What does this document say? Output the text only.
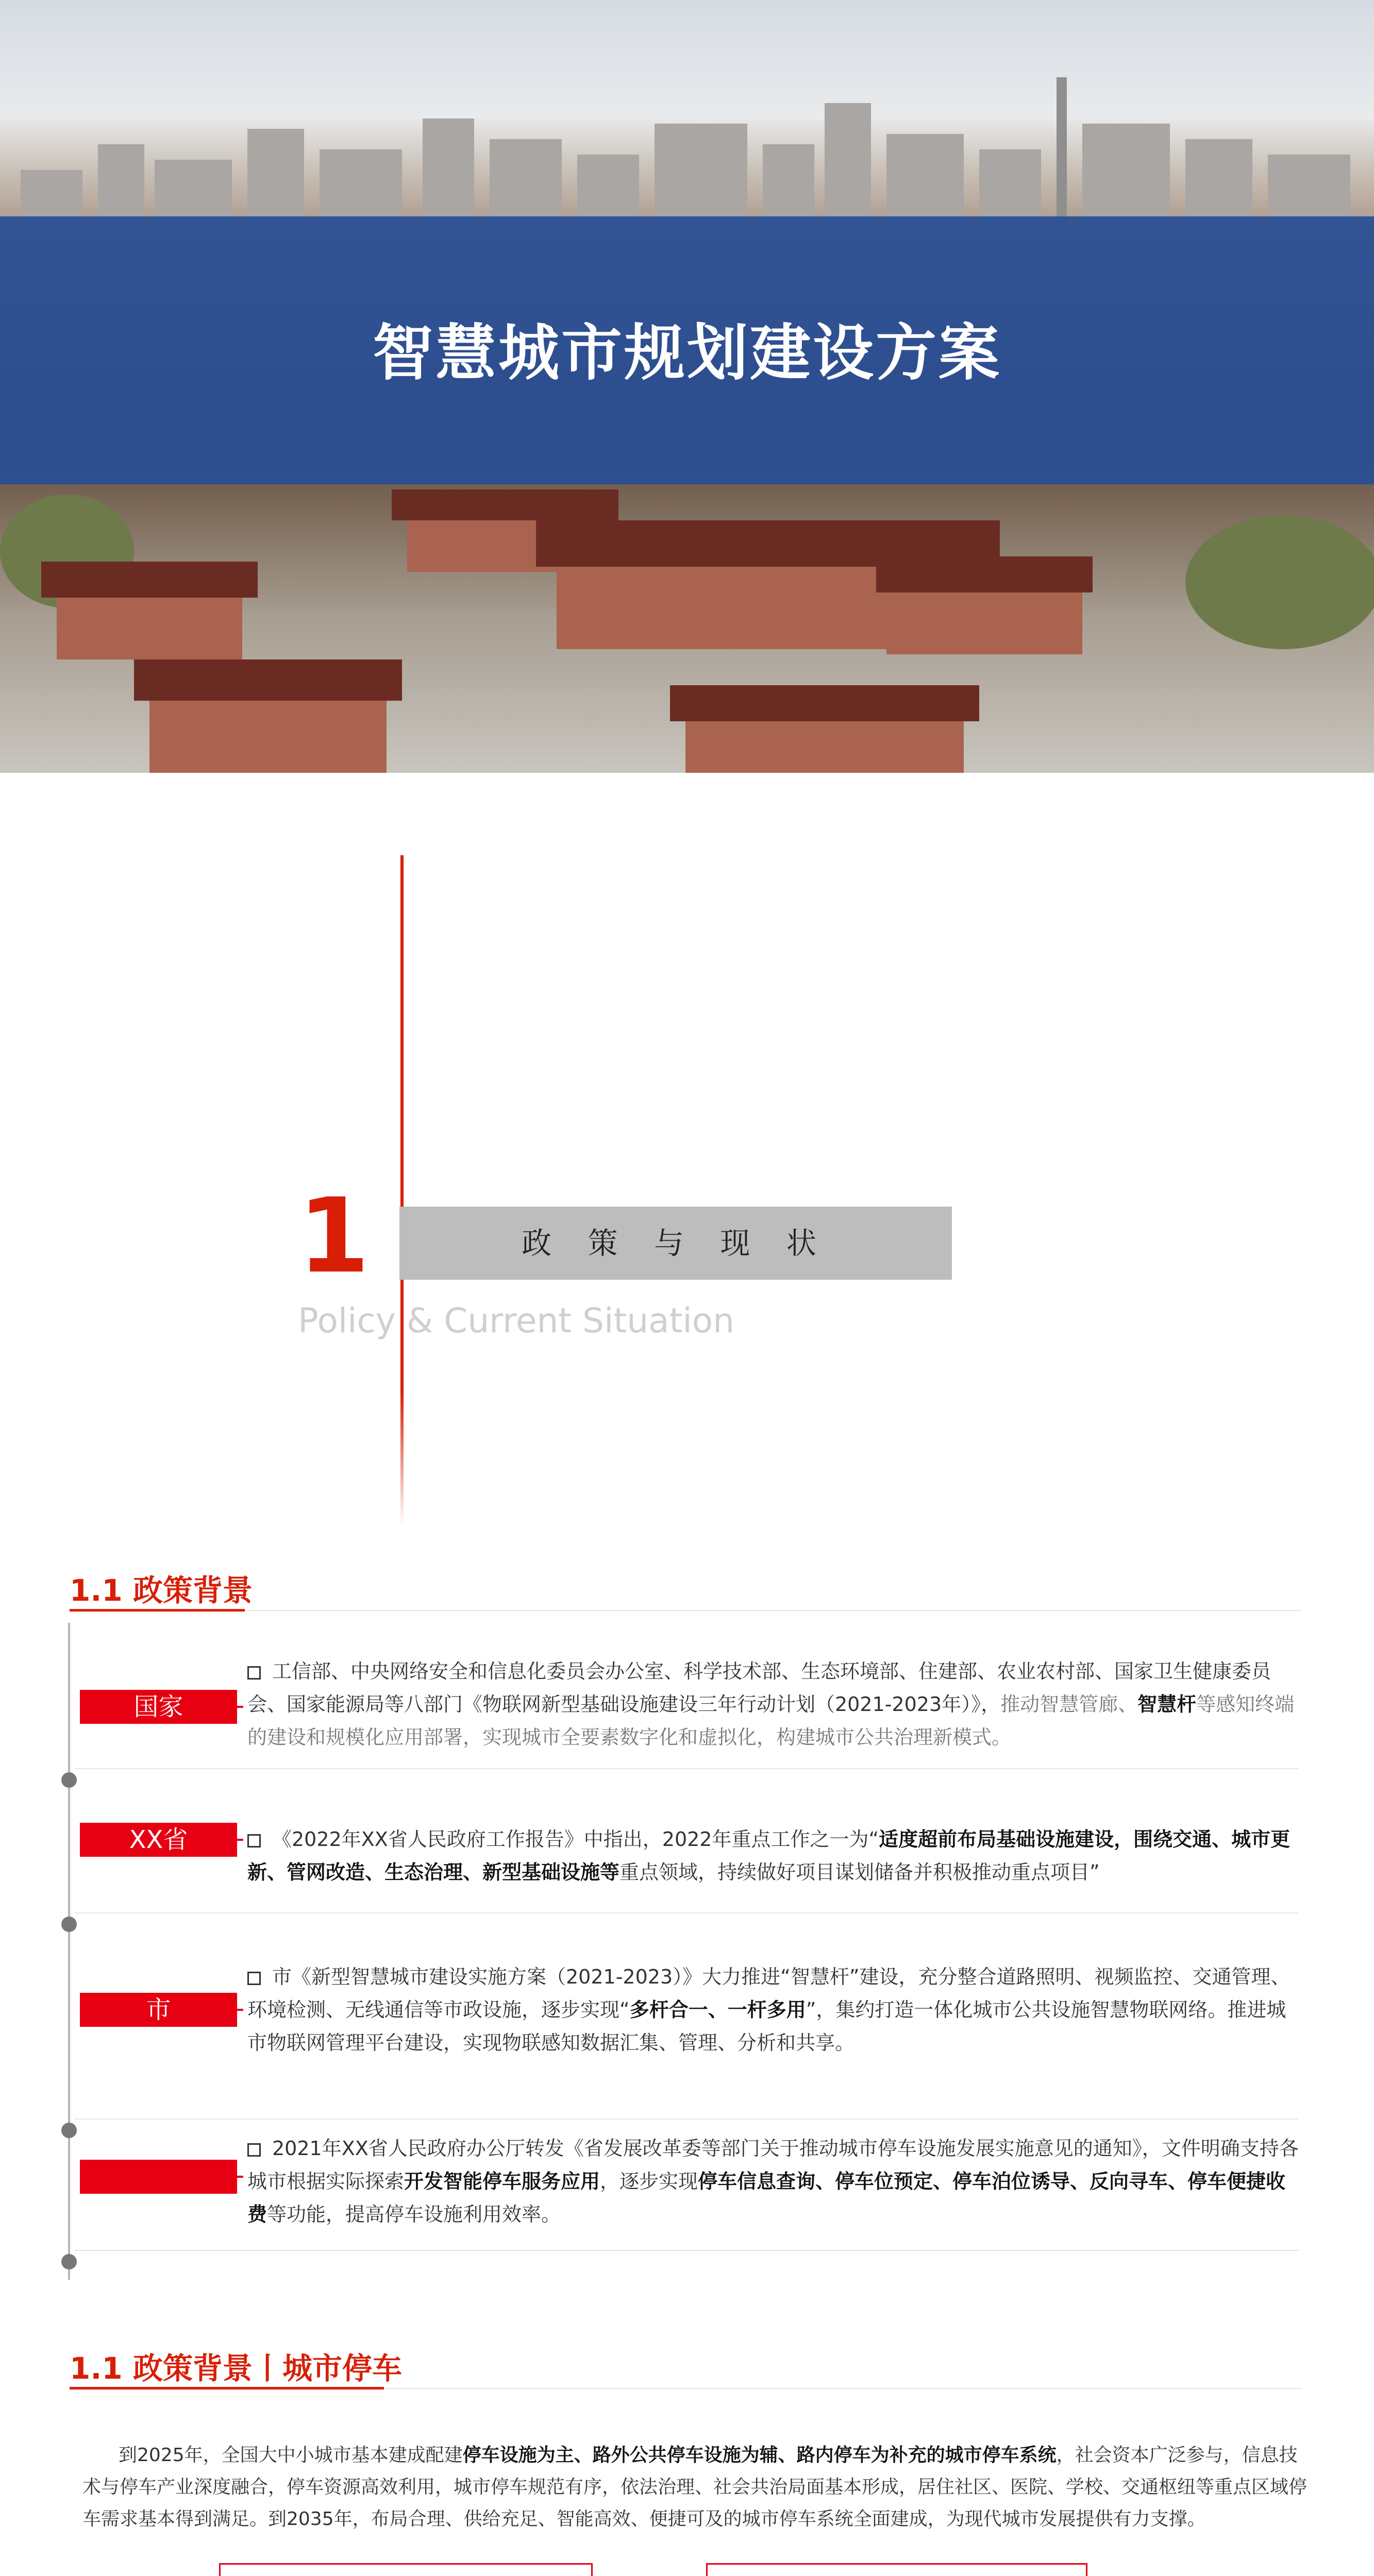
智慧城市规划建设方案
1	政 策 与 现 状
Policy & Current Situation
1.1 政策背景
国家
工信部、中央网络安全和信息化委员会办公室、科学技术部、生态环境部、住建部、农业农村部、国家卫生健康委员会、国家能源局等八部门《物联网新型基础设施建设三年行动计划（2021-2023年）》，推动智慧管廊、智慧杆等感知终端的建设和规模化应用部署，实现城市全要素数字化和虚拟化，构建城市公共治理新模式。
XX省	《2022年XX省人民政府工作报告》中指出，2022年重点工作之一为“适度超前布局基础设施建设，围绕交通、城市更新、管网改造、生态治理、新型基础设施等重点领域，持续做好项目谋划储备并积极推动重点项目”
市
市《新型智慧城市建设实施方案（2021-2023）》大力推进“智慧杆”建设，充分整合道路照明、视频监控、交通管理、环境检测、无线通信等市政设施，逐步实现“多杆合一、一杆多用”，集约打造一体化城市公共设施智慧物联网络。推进城市物联网管理平台建设，实现物联感知数据汇集、管理、分析和共享。
2021年XX省人民政府办公厅转发《省发展改革委等部门关于推动城市停车设施发展实施意见的通知》，文件明确支持各城市根据实际探索开发智能停车服务应用，逐步实现停车信息查询、停车位预定、停车泊位诱导、反向寻车、停车便捷收费等功能，提高停车设施利用效率。
1.1 政策背景丨城市停车
到2025年，全国大中小城市基本建成配建停车设施为主、路外公共停车设施为辅、路内停车为补充的城市停车系统，社会资本广泛参与，信息技术与停车产业深度融合，停车资源高效利用，城市停车规范有序，依法治理、社会共治局面基本形成，居住社区、医院、学校、交通枢纽等重点区域停车需求基本得到满足。到2035年，布局合理、供给充足、智能高效、便捷可及的城市停车系统全面建成，为现代城市发展提供有力支撑。
